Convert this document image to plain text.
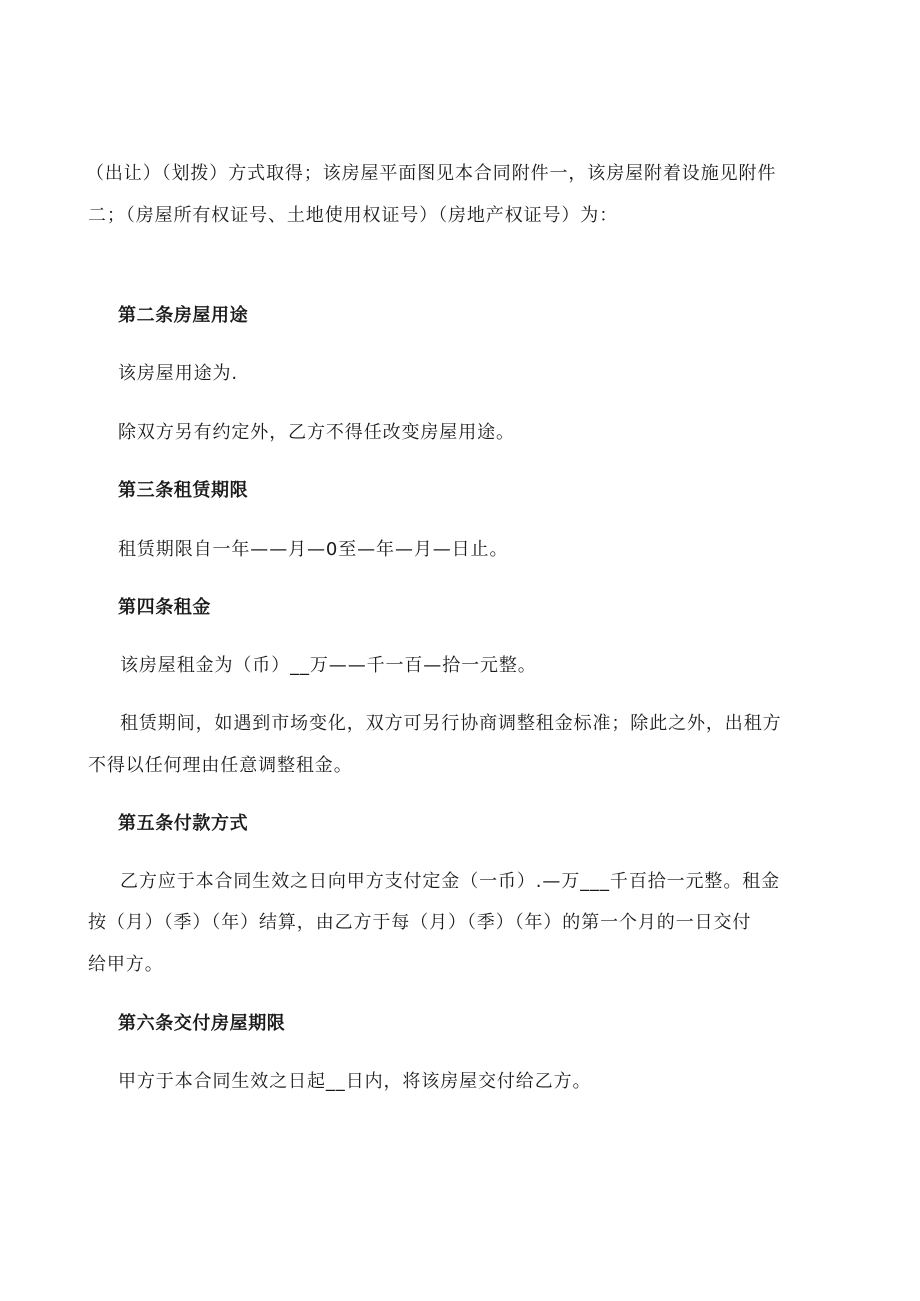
（出让）（划拨）方式取得；该房屋平面图见本合同附件一，该房屋附着设施见附件
二；（房屋所有权证号、土地使用权证号）（房地产权证号）为：
第二条房屋用途
该房屋用途为.
除双方另有约定外，乙方不得任改变房屋用途。
第三条租赁期限
租赁期限自一年——月—0至—年—月—日止。
第四条租金
该房屋租金为（币）__万——千一百—拾一元整。
租赁期间，如遇到市场变化，双方可另行协商调整租金标准；除此之外，出租方
不得以任何理由任意调整租金。
第五条付款方式
乙方应于本合同生效之日向甲方支付定金（一币）.—万___千百拾一元整。租金
按（月）（季）（年）结算，由乙方于每（月）（季）（年）的第一个月的一日交付
给甲方。
第六条交付房屋期限
甲方于本合同生效之日起__日内，将该房屋交付给乙方。
